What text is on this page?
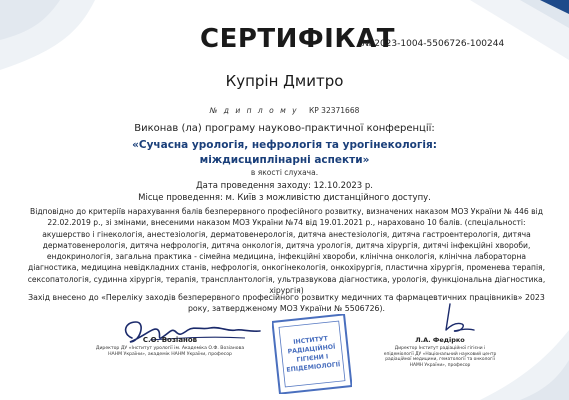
СЕРТИФІКАТ
№ 2023-1004-5506726-100244
Купрін Дмитро
№ д и п л о м у КР 32371668
Виконав (ла) програму науково-практичної конференції:
«Сучасна урологія, нефрологія та урогінекологія:
міждисциплінарні аспекти»
в якості слухача.
Дата проведення заходу: 12.10.2023 р.
Місце проведення: м. Київ з можливістю дистанційного доступу.
Відповідно до критеріїв нарахування балів безперервного професійного розвитку, визначених наказом МОЗ України № 446 від 22.02.2019 р., зі змінами, внесеними наказом МОЗ України №74 від 19.01.2021 р., нараховано 10 балів. (спеціальності: акушерство і гінекологія, анестезіологія, дерматовенерологія, дитяча анестезіологія, дитяча гастроентерологія, дитяча дерматовенерологія, дитяча нефрологія, дитяча онкологія, дитяча урологія, дитяча хірургія, дитячі інфекційні хвороби, ендокринологія, загальна практика - сімейна медицина, інфекційні хвороби, клінічна онкологія, клінічна лабораторна діагностика, медицина невідкладних станів, нефрологія, онкогінекологія, онкохірургія, пластична хірургія, променева терапія, сексопатологія, судинна хірургія, терапія, трансплантологія, ультразвукова діагностика, урологія, функціональна діагностика, хірургія)
Захід внесено до «Переліку заходів безперервного професійного розвитку медичних та фармацевтичних працівників» 2023 року, затвердженому МОЗ України № 5506726).
С.О. Возіанов
Директор ДУ «Інститут урології ім. Академіка О.Ф. Возіанова НАНМ України», академік НАНМ України, професор
ІНСТИТУТ
РАДІАЦІЙНОЇ
ГІГІЄНИ І
ЕПІДЕМІОЛОГІЇ
Л.А. Федірко
Директор Інститут радіаційної гігієни і епідеміології ДУ «Національний науковий центр радіаційної медицини, гематології та онкології НАМН України», професор
